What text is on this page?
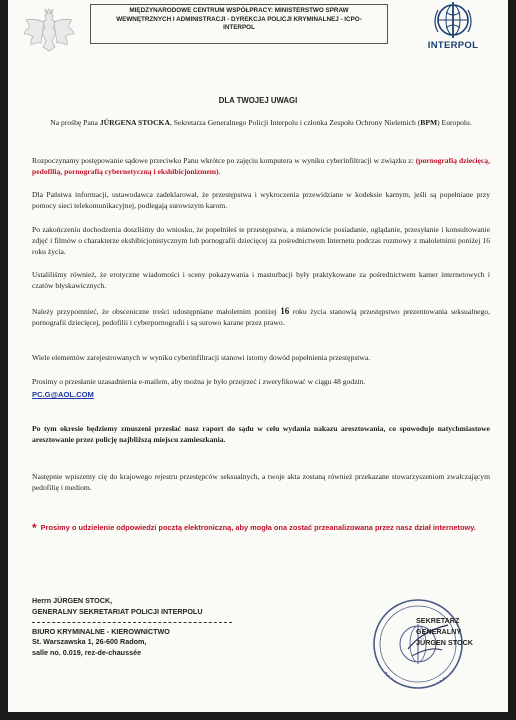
MIĘDZYNARODOWE CENTRUM WSPÓŁPRACY: MINISTERSTWO SPRAW
WEWNĘTRZNYCH I ADMINISTRACJI - DYREKCJA POLICJI KRYMINALNEJ - ICPO-
INTERPOL
INTERPOL
DLA TWOJEJ UWAGI
Na prośbę Pana JÜRGENA STOCKA, Sekretarza Generalnego Policji Interpolu i członka Zespołu Ochrony Nieletnich (BPM) Europolu.
Rozpoczynamy postępowanie sądowe przeciwko Panu wkrótce po zajęciu komputera w wyniku cyberinfiltracji w związku z: (pornografią dziecięcą, pedofilią, pornografią cybernetyczną i ekshibicjonizmem).
Dla Państwa informacji, ustawodawca zadeklarował, że przestępstwa i wykroczenia przewidziane w kodeksie karnym, jeśli są popełniane przy pomocy sieci telekomunikacyjnej, podlegają surowszym karom.
Po zakończeniu dochodzenia doszliśmy do wniosku, że popełniłeś te przestępstwa, a mianowicie posiadanie, oglądanie, przesyłanie i konsultowanie zdjęć i filmów o charakterze ekshibicjonistycznym lub pornografii dziecięcej za pośrednictwem Internetu podczas rozmowy z małoletnimi poniżej 16 roku życia.
Ustaliliśmy również, że erotyczne wiadomości i sceny pokazywania i masturbacji były praktykowane za pośrednictwem kamer internetowych i czatów błyskawicznych.
Należy przypomnieć, że obsceniczne treści udostępniane małoletnim poniżej 16 roku życia stanowią przestępstwo prezentowania seksualnego, pornografii dziecięcej, pedofilii i cyberpornografii i są surowo karane przez prawo.
Wiele elementów zarejestrowanych w wyniku cyberinfiltracji stanowi istotny dowód popełnienia przestępstwa.
Prosimy o przesłanie uzasadnienia e-mailem, aby można je było przejrzeć i zweryfikować w ciągu 48 godzin.
PC.G@AOL.COM
Po tym okresie będziemy zmuszeni przesłać nasz raport do sądu w celu wydania nakazu aresztowania, co spowoduje natychmiastowe aresztowanie przez policję najbliższą miejscu zamieszkania.
Następnie wpiszemy cię do krajowego rejestru przestępców seksualnych, a twoje akta zostaną również przekazane stowarzyszeniom zwalczającym pedofilię i mediom.
* Prosimy o udzielenie odpowiedzi pocztą elektroniczną, aby mogła ona zostać przeanalizowana przez nasz dział internetowy.
Herrn JÜRGEN STOCK,
GENERALNY SEKRETARIAT POLICJI INTERPOLU
BIURO KRYMINALNE - KIEROWNICTWO
St. Warszawska 1, 26-600 Radom,
salle no. 0.019, rez-de-chaussée
SEKRETARZ GENERALNY
JÜRGEN STOCK
